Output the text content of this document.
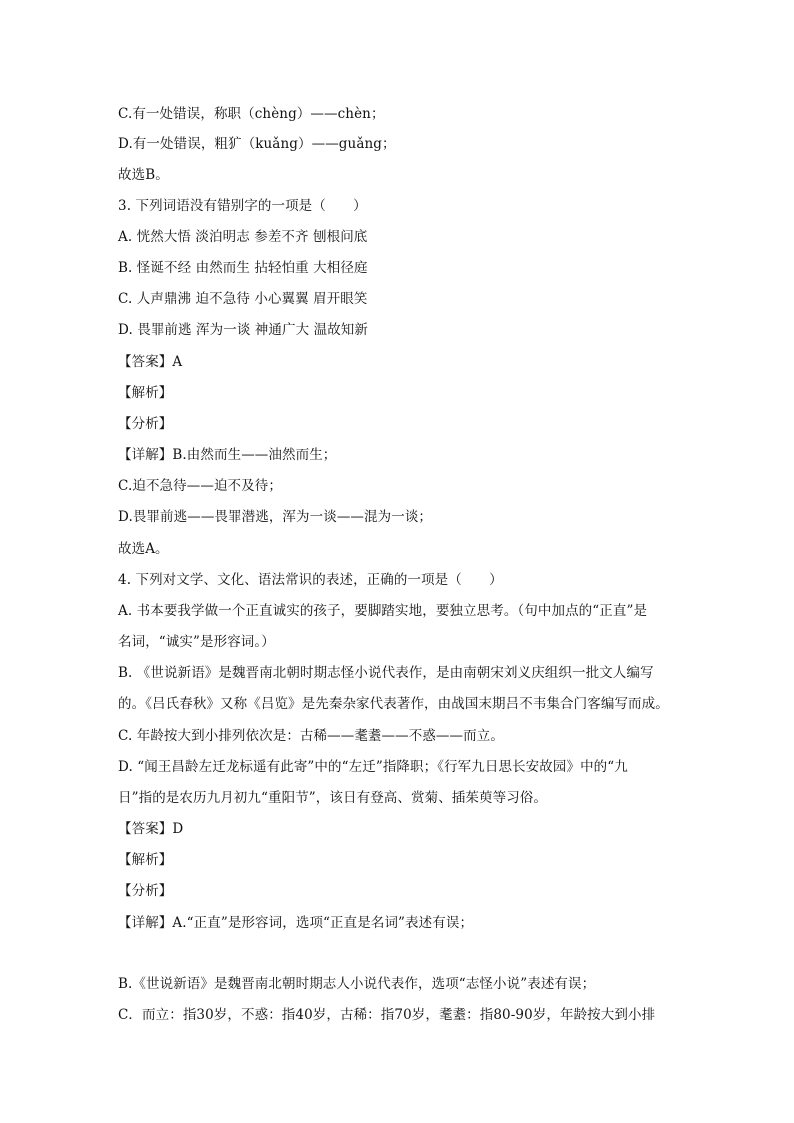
C.有一处错误，称职（chèng）——chèn；
D.有一处错误，粗犷（kuǎng）——guǎng；
故选B。
3. 下列词语没有错别字的一项是（　　）
A. 恍然大悟 淡泊明志 参差不齐 刨根问底
B. 怪诞不经 由然而生 拈轻怕重 大相径庭
C. 人声鼎沸 迫不急待 小心翼翼 眉开眼笑
D. 畏罪前逃 浑为一谈 神通广大 温故知新
【答案】A
【解析】
【分析】
【详解】B.由然而生——油然而生；
C.迫不急待——迫不及待；
D.畏罪前逃——畏罪潜逃，浑为一谈——混为一谈；
故选A。
4. 下列对文学、文化、语法常识的表述，正确的一项是（　　）
A. 书本要我学做一个正直诚实的孩子，要脚踏实地，要独立思考。（句中加点的“正直”是
名词，“诚实”是形容词。）
B. 《世说新语》是魏晋南北朝时期志怪小说代表作，是由南朝宋刘义庆组织一批文人编写
的。《吕氏春秋》又称《吕览》是先秦杂家代表著作，由战国末期吕不韦集合门客编写而成。
C. 年龄按大到小排列依次是：古稀——耄耋——不惑——而立。
D. “闻王昌龄左迁龙标遥有此寄”中的“左迁”指降职；《行军九日思长安故园》中的“九
日”指的是农历九月初九“重阳节”，该日有登高、赏菊、插茱萸等习俗。
【答案】D
【解析】
【分析】
【详解】A.“正直”是形容词，选项“正直是名词”表述有误；
B.《世说新语》是魏晋南北朝时期志人小说代表作，选项“志怪小说”表述有误；
C．而立：指30岁，不惑：指40岁，古稀：指70岁，耄耋：指80-90岁，年龄按大到小排
